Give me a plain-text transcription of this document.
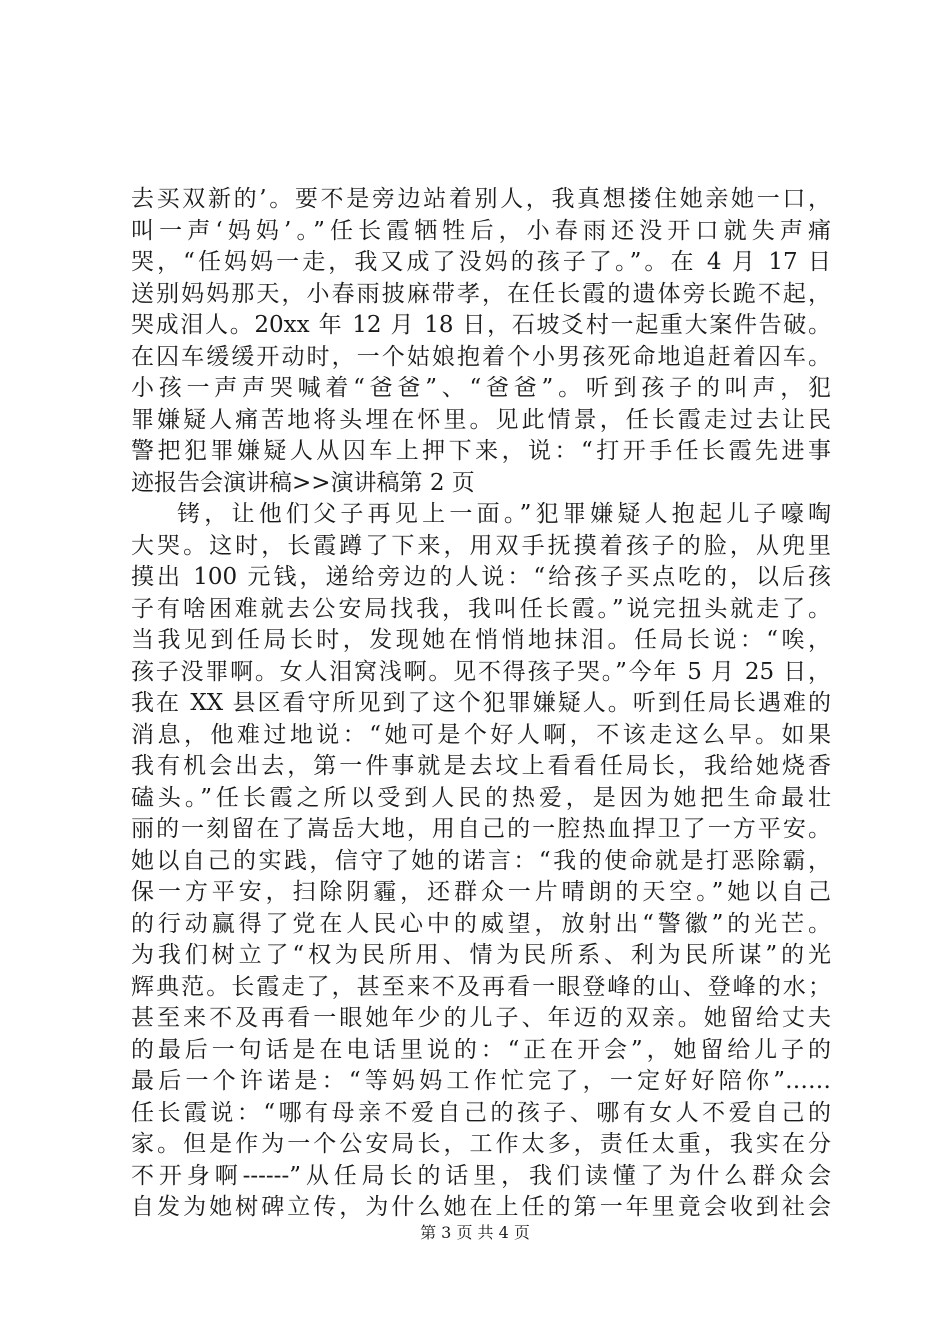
去买双新的’。要不是旁边站着别人，我真想搂住她亲她一口，
叫一声‘妈妈’。”任长霞牺牲后，小春雨还没开口就失声痛
哭，“任妈妈一走，我又成了没妈的孩子了。”。在 4 月 17 日
送别妈妈那天，小春雨披麻带孝，在任长霞的遗体旁长跪不起，
哭成泪人。20xx 年 12 月 18 日，石坡爻村一起重大案件告破。
在囚车缓缓开动时，一个姑娘抱着个小男孩死命地追赶着囚车。
小孩一声声哭喊着“爸爸”、“爸爸”。听到孩子的叫声，犯
罪嫌疑人痛苦地将头埋在怀里。见此情景，任长霞走过去让民
警把犯罪嫌疑人从囚车上押下来，说：“打开手任长霞先进事
迹报告会演讲稿>>演讲稿第 2 页
铐，让他们父子再见上一面。”犯罪嫌疑人抱起儿子嚎啕
大哭。这时，长霞蹲了下来，用双手抚摸着孩子的脸，从兜里
摸出 100 元钱，递给旁边的人说：“给孩子买点吃的，以后孩
子有啥困难就去公安局找我，我叫任长霞。”说完扭头就走了。
当我见到任局长时，发现她在悄悄地抹泪。任局长说：“唉，
孩子没罪啊。女人泪窝浅啊。见不得孩子哭。”今年 5 月 25 日，
我在 XX 县区看守所见到了这个犯罪嫌疑人。听到任局长遇难的
消息，他难过地说：“她可是个好人啊，不该走这么早。如果
我有机会出去，第一件事就是去坟上看看任局长，我给她烧香
磕头。”任长霞之所以受到人民的热爱，是因为她把生命最壮
丽的一刻留在了嵩岳大地，用自己的一腔热血捍卫了一方平安。
她以自己的实践，信守了她的诺言：“我的使命就是打恶除霸，
保一方平安，扫除阴霾，还群众一片晴朗的天空。”她以自己
的行动赢得了党在人民心中的威望，放射出“警徽”的光芒。
为我们树立了“权为民所用、情为民所系、利为民所谋”的光
辉典范。长霞走了，甚至来不及再看一眼登峰的山、登峰的水；
甚至来不及再看一眼她年少的儿子、年迈的双亲。她留给丈夫
的最后一句话是在电话里说的：“正在开会”，她留给儿子的
最后一个许诺是：“等妈妈工作忙完了，一定好好陪你”……
任长霞说：“哪有母亲不爱自己的孩子、哪有女人不爱自己的
家。但是作为一个公安局长，工作太多，责任太重，我实在分
不开身啊------”从任局长的话里，我们读懂了为什么群众会
自发为她树碑立传，为什么她在上任的第一年里竟会收到社会
第 3 页 共 4 页
